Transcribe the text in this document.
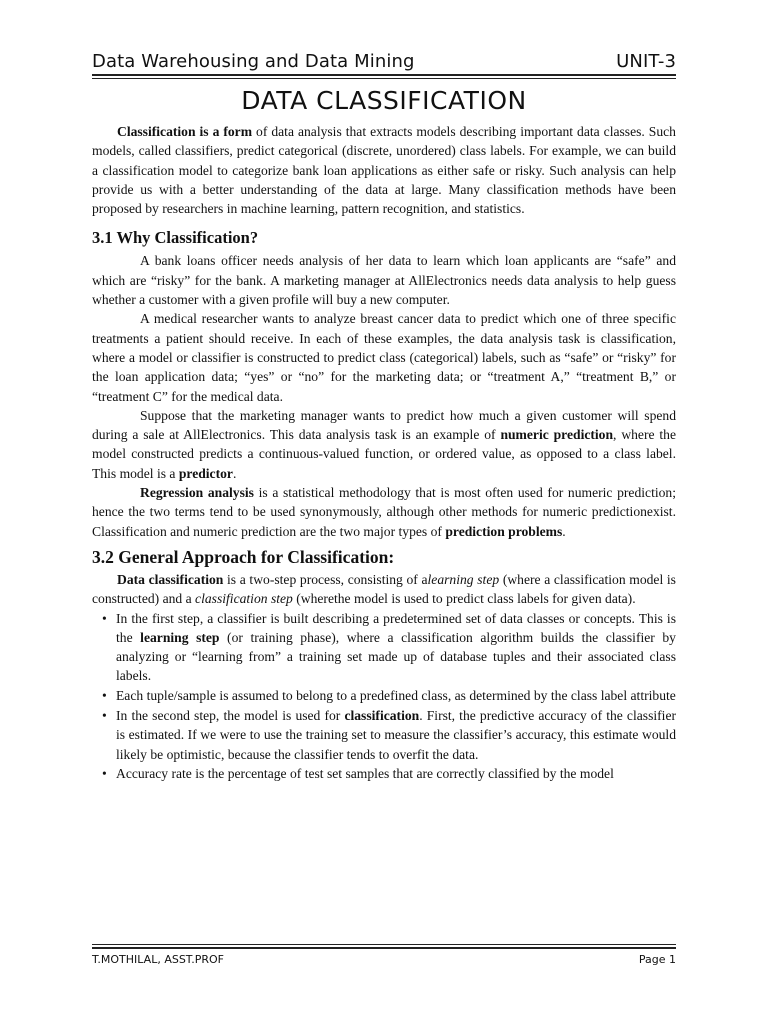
Data Warehousing and Data Mining	UNIT-3
DATA CLASSIFICATION

Classification is a form of data analysis that extracts models describing important data classes. Such models, called classifiers, predict categorical (discrete, unordered) class labels. For example, we can build a classification model to categorize bank loan applications as either safe or risky. Such analysis can help provide us with a better understanding of the data at large. Many classification methods have been proposed by researchers in machine learning, pattern recognition, and statistics.

3.1 Why Classification?

A bank loans officer needs analysis of her data to learn which loan applicants are “safe” and which are “risky” for the bank. A marketing manager at AllElectronics needs data analysis to help guess whether a customer with a given profile will buy a new computer.

A medical researcher wants to analyze breast cancer data to predict which one of three specific treatments a patient should receive. In each of these examples, the data analysis task is classification, where a model or classifier is constructed to predict class (categorical) labels, such as “safe” or “risky” for the loan application data; “yes” or “no” for the marketing data; or “treatment A,” “treatment B,” or “treatment C” for the medical data.

Suppose that the marketing manager wants to predict how much a given customer will spend during a sale at AllElectronics. This data analysis task is an example of numeric prediction, where the model constructed predicts a continuous-valued function, or ordered value, as opposed to a class label. This model is a predictor.

Regression analysis is a statistical methodology that is most often used for numeric prediction; hence the two terms tend to be used synonymously, although other methods for numeric predictionexist. Classification and numeric prediction are the two major types of prediction problems.

3.2 General Approach for Classification:

Data classification is a two-step process, consisting of alearning step (where a classification model is constructed) and a classification step (wherethe model is used to predict class labels for given data).

• In the first step, a classifier is built describing a predetermined set of data classes or concepts. This is the learning step (or training phase), where a classification algorithm builds the classifier by analyzing or “learning from” a training set made up of database tuples and their associated class labels.
• Each tuple/sample is assumed to belong to a predefined class, as determined by the class label attribute
• In the second step, the model is used for classification. First, the predictive accuracy of the classifier is estimated. If we were to use the training set to measure the classifier’s accuracy, this estimate would likely be optimistic, because the classifier tends to overfit the data.
• Accuracy rate is the percentage of test set samples that are correctly classified by the model
T.MOTHILAL, ASST.PROF	Page 1
